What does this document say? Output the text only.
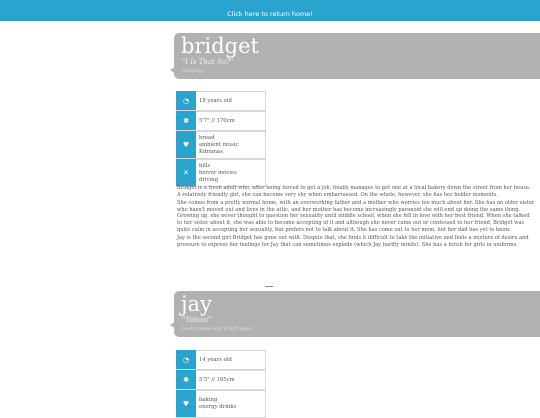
Click here to return home!
bridget
"I Is That So?"
fledgling
◔	18 years old
✽	5'7" // 170cm
♥
bread
ambient music
Kdramas
✕
bills
horror movies
driving

Bridget is a fresh adult who, after being forced to get a job, finally manages to get one at a local bakery down the street from her house. A relatively friendly girl, she can become very shy when embarrassed. On the whole, however, she has her bolder moments.

She comes from a pretty normal home, with an overworking father and a mother who worries too much about her. She has an older sister who hasn't moved out and lives in the attic, and her mother has become increasingly paranoid she will end up doing the same thing. Growing up, she never thought to question her sexuality until middle school, when she fell in love with her best friend. When she talked to her sister about it, she was able to become accepting of it and although she never came out or confessed to her friend, Bridget was quite calm in accepting her sexuality, but prefers not to talk about it. She has come out to her mom, but her dad has yet to know.

Jay is the second girl Bridget has gone out with. Despite that, she finds it difficult to take the initiative and feels a mixture of desire and pressure to express her feelings for Jay that can sometimes explode (which Jay hardly minds). She has a fetish for girls in uniforms.

jay
"Yahoo!"
bushy-tailed and bright-eyed
◔	14 years old
✽	5'5" // 165cm
♥	baking
energy drinks
